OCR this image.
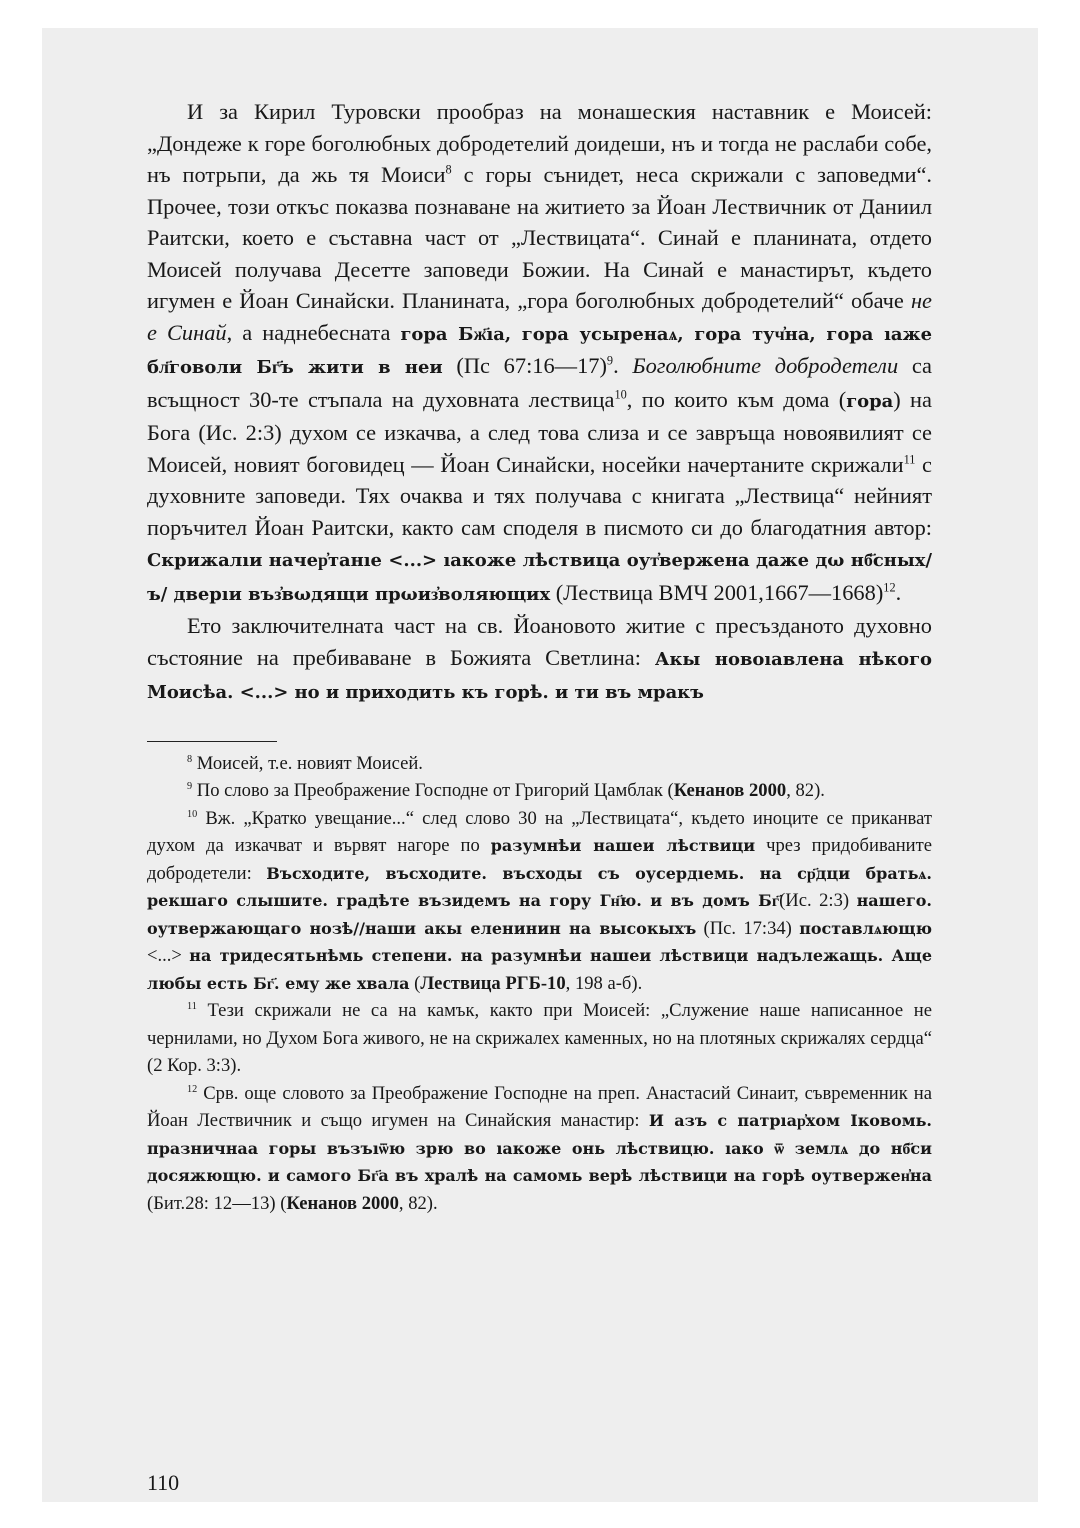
И за Кирил Туровски прообраз на монашеския наставник е Моисей: „Дондеже к горе боголюбных добродетелий доидеши, нъ и тогда не раслаби собе, нъ потрьпи, да жь тя Моиси$^8$ с горы сънидет, неса скрижали с заповедми“. Прочее, този откъс показва познаване на житието за Йоан Лествичник от Даниил Раитски, което е съставна част от „Лествицата“. Синай е планината, отдето Моисей получава Десетте заповеди Божии. На Синай е манастирът, където игумен е Йоан Синайски. Планината, „гора боголюбных добродетелий“ обаче не е Синай, а наднебесната гора Бж҃ıа, гора усыренаѧ, гора туч҆на, гора ıаже бл҃говоли Бг҃ъ жити в неи (Пс 67:16—17)$^9$. Боголюбните добродетели са всъщност 30-те стъпала на духовната лествица$^{10}$, по които към дома (гора) на Бога (Ис. 2:3) духом се изкачва, а след това слиза и се завръща новоявилият се Моисей, новият боговидец — Йоан Синайски, носейки начертаните скрижали$^{11}$ с духовните заповеди. Тях очаква и тях получава с книгата „Лествица“ нейният поръчител Йоан Раитски, както сам споделя в писмото си до благодатния автор: Скрижалıи начер҆танıе <...> ıакоже лѣствица оут҆вержена даже дω нб҃сных/ъ/ дверıи въз҆вωдящи прωиз҆воляющих (Лествица ВМЧ 2001,1667—1668)$^{12}$.

Ето заключителната част на св. Йоановото житие с пресъзданото духовно състояние на пребиваване в Божията Светлина: Акы новоıавлена нѣкого Моисѣа. <...> но и приходить къ горѣ. и ти въ мракъ

$^8$ Моисей, т.е. новият Моисей.

$^9$ По слово за Преображение Господне от Григорий Цамблак (Кенанов 2000, 82).

$^{10}$ Вж. „Кратко увещание...“ след слово 30 на „Лествицата“, където иноците се приканват духом да изкачват и вървят нагоре по разумнѣи нашеи лѣствици чрез придобиваните добродетели: Въсходите, въсходите. въсходы съ оусердıемь. на ср҃дци братьѧ. рекшаго слышите. градѣте възидемъ на гору Гн҃ю. и въ домъ Бг҃(Ис. 2:3) нашего. оутвержающаго нозѣ//наши акы еленинин на высокыхъ (Пс. 17:34) поставлѧющю <...> на тридесятьнѣмь степени. на разумнѣи нашеи лѣствици надълежащь. Аще любы есть Бг҃. ему же хвала (Лествица РГБ-10, 198 а-б).

$^{11}$ Тези скрижали не са на камък, както при Моисей: „Служение наше написанное не чернилами, но Духом Бога живого, не на скрижалех каменных, но на плотяных скрижалях сердца“ (2 Кор. 3:3).

$^{12}$ Срв. още словото за Преображение Господне на преп. Анастасий Синаит, съвременник на Йоан Лествичник и също игумен на Синайския манастир: И азъ с патрıар҆хом Ιковомь. празничнаа горы възъıѿю зрю во ıакоже онь лѣствицю. ıако ѿ землѧ до нб҃си досяжющю. и самого Бг҃а въ хралѣ на самомь верѣ лѣствици на горѣ оутвержен҆на (Бит.28: 12—13) (Кенанов 2000, 82).

110
